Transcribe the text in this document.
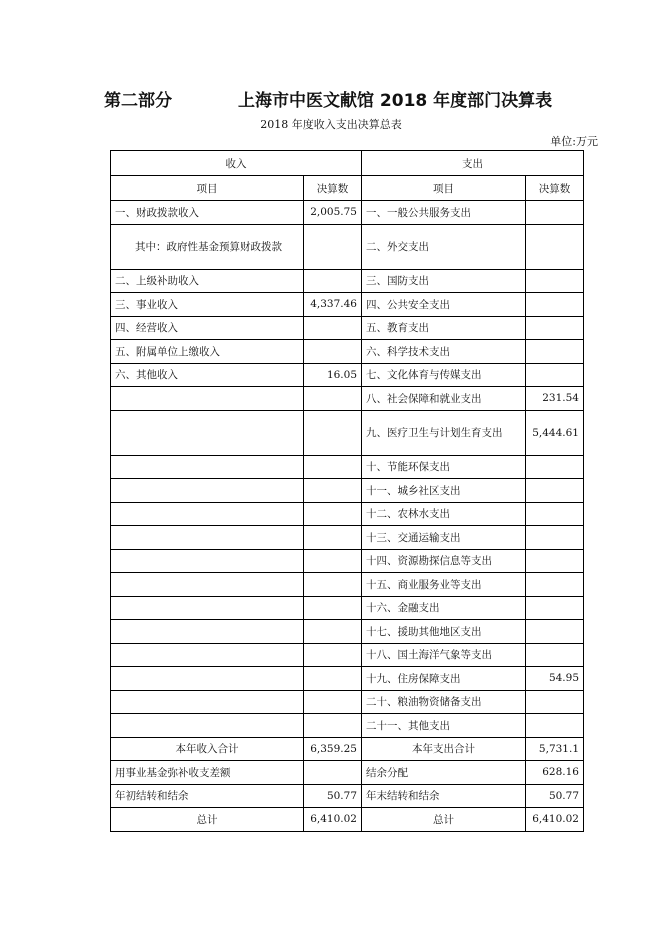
第二部分	上海市中医文献馆 2018 年度部门决算表
2018 年度收入支出决算总表
单位:万元
收入		支出	
项目	决算数	项目	决算数
一、财政拨款收入	2,005.75	一、一般公共服务支出	
其中：政府性基金预算财政拨款		二、外交支出	
二、上级补助收入		三、国防支出	
三、事业收入	4,337.46	四、公共安全支出	
四、经营收入		五、教育支出	
五、附属单位上缴收入		六、科学技术支出	
六、其他收入	16.05	七、文化体育与传媒支出	
		八、社会保障和就业支出	231.54
		九、医疗卫生与计划生育支出	5,444.61
		十、节能环保支出	
		十一、城乡社区支出	
		十二、农林水支出	
		十三、交通运输支出	
		十四、资源勘探信息等支出	
		十五、商业服务业等支出	
		十六、金融支出	
		十七、援助其他地区支出	
		十八、国土海洋气象等支出	
		十九、住房保障支出	54.95
		二十、粮油物资储备支出	
		二十一、其他支出	
本年收入合计	6,359.25	本年支出合计	5,731.1
用事业基金弥补收支差额		结余分配	628.16
年初结转和结余	50.77	年末结转和结余	50.77
总计	6,410.02	总计	6,410.02
